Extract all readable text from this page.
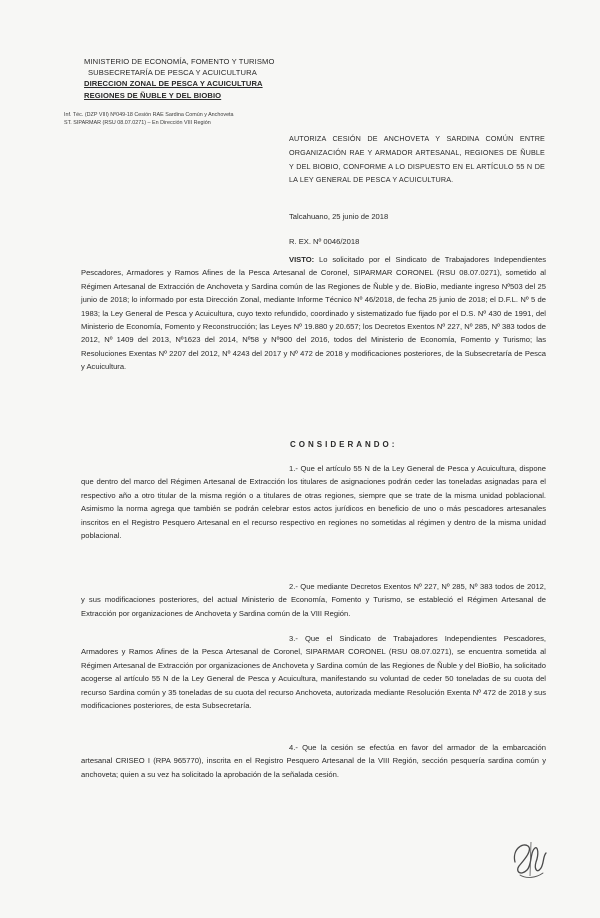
MINISTERIO DE ECONOMÍA, FOMENTO Y TURISMO
SUBSECRETARÍA DE PESCA Y ACUICULTURA
DIRECCION ZONAL DE PESCA Y ACUICULTURA
REGIONES DE ÑUBLE Y DEL BIOBIO
Inf. Téc. (DZP VIII) Nº049-18 Cesión RAE Sardina Común y Anchoveta
ST. SIPARMAR (RSU 08.07.0271) – En Dirección VIII Región
AUTORIZA CESIÓN DE ANCHOVETA Y SARDINA COMÚN ENTRE ORGANIZACIÓN RAE Y ARMADOR ARTESANAL, REGIONES DE ÑUBLE Y DEL BIOBIO, CONFORME A LO DISPUESTO EN EL ARTÍCULO 55 N DE LA LEY GENERAL DE PESCA Y ACUICULTURA.
Talcahuano, 25 junio de 2018
R. EX. Nº 0046/2018
VISTO: Lo solicitado por el Sindicato de Trabajadores Independientes Pescadores, Armadores y Ramos Afines de la Pesca Artesanal de Coronel, SIPARMAR CORONEL (RSU 08.07.0271), sometido al Régimen Artesanal de Extracción de Anchoveta y Sardina común de las Regiones de Ñuble y de. BioBio, mediante ingreso Nº503 del 25 junio de 2018; lo informado por esta Dirección Zonal, mediante Informe Técnico Nº 46/2018, de fecha 25 junio de 2018; el D.F.L. Nº 5 de 1983; la Ley General de Pesca y Acuicultura, cuyo texto refundido, coordinado y sistematizado fue fijado por el D.S. Nº 430 de 1991, del Ministerio de Economía, Fomento y Reconstrucción; las Leyes Nº 19.880 y 20.657; los Decretos Exentos Nº 227, Nº 285, Nº 383 todos de 2012, Nº 1409 del 2013, Nº1623 del 2014, Nº58 y Nº900 del 2016, todos del Ministerio de Economía, Fomento y Turismo; las Resoluciones Exentas Nº 2207 del 2012, Nº 4243 del 2017 y Nº 472 de 2018 y modificaciones posteriores, de la Subsecretaría de Pesca y Acuicultura.
CONSIDERANDO:
1.- Que el artículo 55 N de la Ley General de Pesca y Acuicultura, dispone que dentro del marco del Régimen Artesanal de Extracción los titulares de asignaciones podrán ceder las toneladas asignadas para el respectivo año a otro titular de la misma región o a titulares de otras regiones, siempre que se trate de la misma unidad poblacional. Asimismo la norma agrega que también se podrán celebrar estos actos jurídicos en beneficio de uno o más pescadores artesanales inscritos en el Registro Pesquero Artesanal en el recurso respectivo en regiones no sometidas al régimen y dentro de la misma unidad poblacional.
2.- Que mediante Decretos Exentos Nº 227, Nº 285, Nº 383 todos de 2012, y sus modificaciones posteriores, del actual Ministerio de Economía, Fomento y Turismo, se estableció el Régimen Artesanal de Extracción por organizaciones de Anchoveta y Sardina común de la VIII Región.
3.- Que el Sindicato de Trabajadores Independientes Pescadores, Armadores y Ramos Afines de la Pesca Artesanal de Coronel, SIPARMAR CORONEL (RSU 08.07.0271), se encuentra sometida al Régimen Artesanal de Extracción por organizaciones de Anchoveta y Sardina común de las Regiones de Ñuble y del BioBio, ha solicitado acogerse al artículo 55 N de la Ley General de Pesca y Acuicultura, manifestando su voluntad de ceder 50 toneladas de su cuota del recurso Sardina común y 35 toneladas de su cuota del recurso Anchoveta, autorizada mediante Resolución Exenta Nº 472 de 2018 y sus modificaciones posteriores, de esta Subsecretaría.
4.- Que la cesión se efectúa en favor del armador de la embarcación artesanal CRISEO I (RPA 965770), inscrita en el Registro Pesquero Artesanal de la VIII Región, sección pesquería sardina común y anchoveta; quien a su vez ha solicitado la aprobación de la señalada cesión.
